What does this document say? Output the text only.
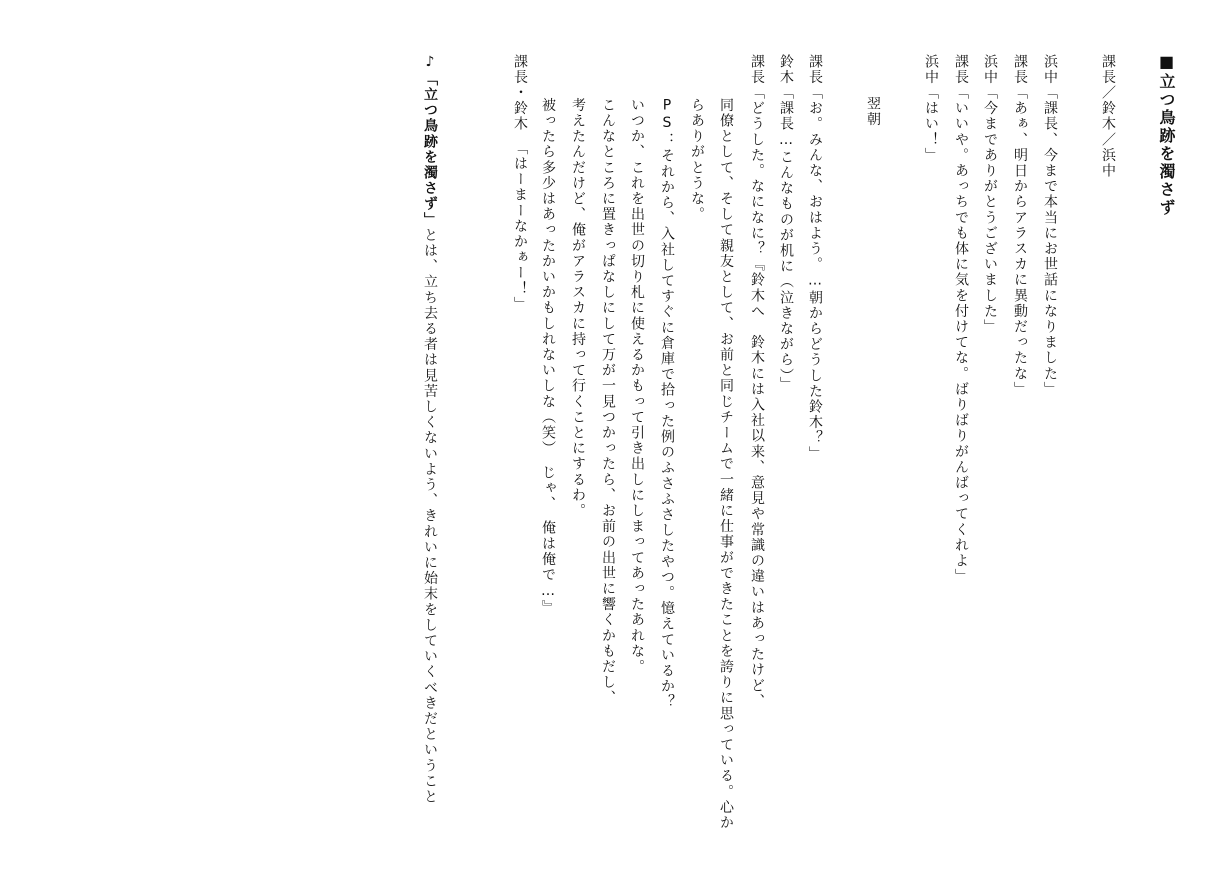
■立つ鳥跡を濁さず
課長／鈴木／浜中
浜中「課長、今まで本当にお世話になりました」
課長「あぁ、明日からアラスカに異動だったな」
浜中「今までありがとうございました」
課長「いいや。あっちでも体に気を付けてな。ばりばりがんばってくれよ」
浜中「はい！」
翌朝
課長「お。みんな、おはよう。…朝からどうした鈴木？」
鈴木「課長…こんなものが机に（泣きながら）」
課長「どうした。なになに？『鈴木へ　鈴木には入社以来、意見や常識の違いはあったけど、
　同僚として、そして親友として、お前と同じチームで一緒に仕事ができたことを誇りに思っている。心か
　らありがとうな。
　PS：それから、入社してすぐに倉庫で拾った例のふさふさしたやつ。憶えているか？
　いつか、これを出世の切り札に使えるかもって引き出しにしまってあったあれな。
　こんなところに置きっぱなしにして万が一見つかったら、お前の出世に響くかもだし、
　考えたんだけど、俺がアラスカに持って行くことにするわ。
　被ったら多少はあったかいかもしれないしな（笑）　じゃ、　俺は俺で…』
課長・鈴木　「はーまーなかぁー！」
♪「立つ鳥跡を濁さず」とは、立ち去る者は見苦しくないよう、きれいに始末をしていくべきだということ
